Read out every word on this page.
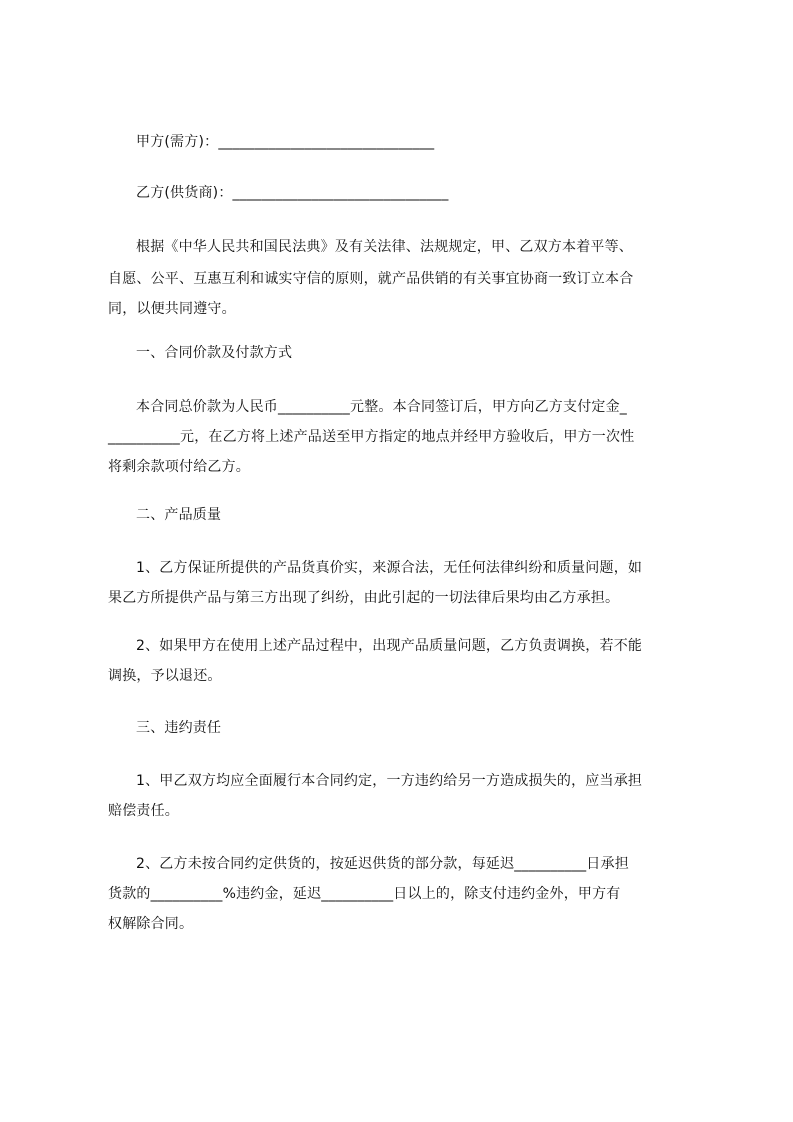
甲方(需方)：______________________________
乙方(供货商)：______________________________
根据《中华人民共和国民法典》及有关法律、法规规定，甲、乙双方本着平等、
自愿、公平、互惠互利和诚实守信的原则，就产品供销的有关事宜协商一致订立本合
同，以便共同遵守。
一、合同价款及付款方式
本合同总价款为人民币__________元整。本合同签订后，甲方向乙方支付定金_
__________元，在乙方将上述产品送至甲方指定的地点并经甲方验收后，甲方一次性
将剩余款项付给乙方。
二、产品质量
1、乙方保证所提供的产品货真价实，来源合法，无任何法律纠纷和质量问题，如
果乙方所提供产品与第三方出现了纠纷，由此引起的一切法律后果均由乙方承担。
2、如果甲方在使用上述产品过程中，出现产品质量问题，乙方负责调换，若不能
调换，予以退还。
三、违约责任
1、甲乙双方均应全面履行本合同约定，一方违约给另一方造成损失的，应当承担
赔偿责任。
2、乙方未按合同约定供货的，按延迟供货的部分款，每延迟__________日承担
货款的__________%违约金，延迟__________日以上的，除支付违约金外，甲方有
权解除合同。
